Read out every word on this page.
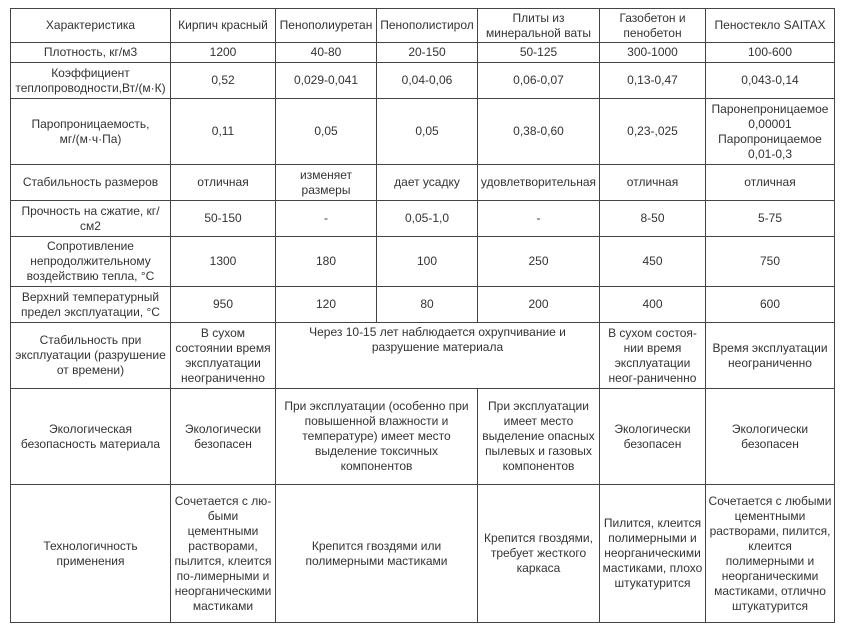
Характеристика	Кирпич красный	Пенополиуретан	Пенополистирол	Плиты из минеральной ваты	Газобетон и пенобетон	Пеностекло SAITAX
Плотность, кг/м3	1200	40-80	20-150	50-125	300-1000	100-600
Коэффициент теплопроводности,Вт/(м·К)	0,52	0,029-0,041	0,04-0,06	0,06-0,07	0,13-0,47	0,043-0,14
Паропроницаемость, мг/(м·ч·Па)	0,11	0,05	0,05	0,38-0,60	0,23-,025	Паронепроницаемое 0,00001 Паропроницаемое 0,01-0,3
Стабильность размеров	отличная	изменяет размеры	дает усадку	удовлетворительная	отличная	отличная
Прочность на сжатие, кг/см2	50-150	-	0,05-1,0	-	8-50	5-75
Сопротивление непродолжительному воздействию тепла, °С	1300	180	100	250	450	750
Верхний температурный предел эксплуатации, °С	950	120	80	200	400	600
Стабильность при эксплуатации (разрушение от времени)	В сухом состоянии время эксплуатации неограниченно	Через 10-15 лет наблюдается охрупчивание и разрушение материала			В сухом состоя-нии время эксплуатации неог-раниченно	Время эксплуатации неограниченно
Экологическая безопасность материала	Экологически безопасен	При эксплуатации (особенно при повышенной влажности и температуре) имеет место выделение токсичных компонентов		При эксплуатации имеет место выделение опасных пылевых и газовых компонентов	Экологически безопасен	Экологически безопасен
Технологичность применения	Сочетается с лю-быми цементными растворами, пылится, клеится по-лимерными и неорганическими мастиками	Крепится гвоздями или полимерными мастиками		Крепится гвоздями, требует жесткого каркаса	Пилится, клеится полимерными и неорганическими мастиками, плохо штукатурится	Сочетается с любыми цементными растворами, пилится, клеится полимерными и неорганическими мастиками, отлично штукатурится
